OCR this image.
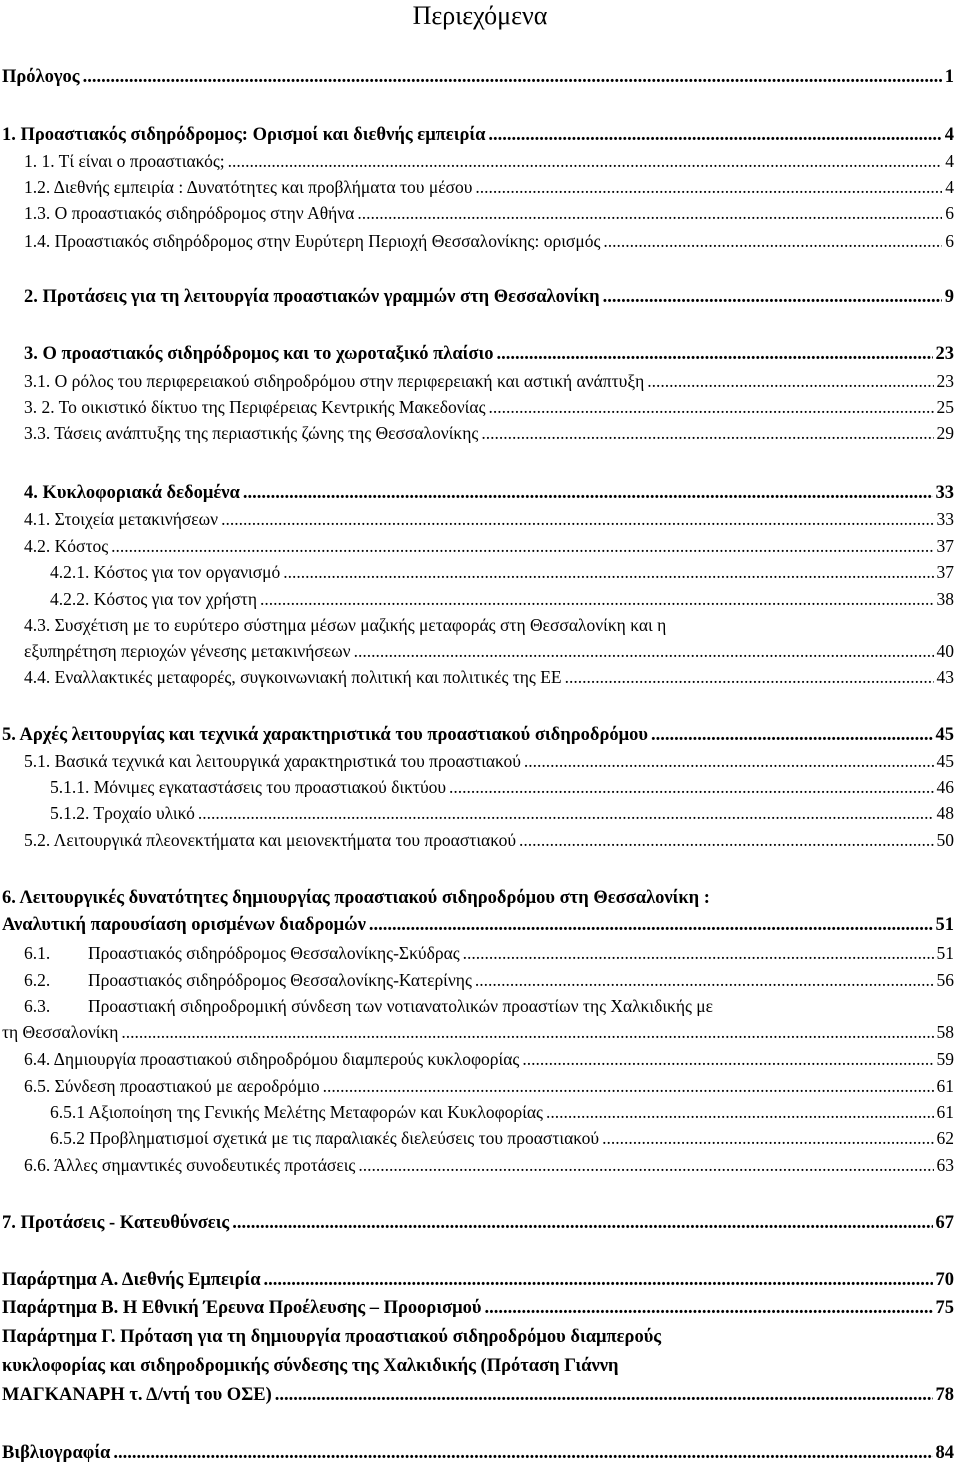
Περιεχόμενα
Πρόλογος .....	1
1. Προαστιακός σιδηρόδρομος: Ορισμοί και διεθνής εμπειρία .....	4
1. 1. Τί είναι ο προαστιακός; .....	4
1.2. Διεθνής εμπειρία : Δυνατότητες και προβλήματα του μέσου .....	4
1.3. Ο προαστιακός σιδηρόδρομος στην Αθήνα .....	6
1.4. Προαστιακός σιδηρόδρομος στην Ευρύτερη Περιοχή Θεσσαλονίκης: ορισμός .....	6
2. Προτάσεις για τη λειτουργία προαστιακών γραμμών στη Θεσσαλονίκη .....	9
3. Ο προαστιακός σιδηρόδρομος και το χωροταξικό πλαίσιο .....	23
3.1. Ο ρόλος του περιφερειακού σιδηροδρόμου στην περιφερειακή και αστική ανάπτυξη .....	23
3. 2. Το οικιστικό δίκτυο της Περιφέρειας Κεντρικής Μακεδονίας .....	25
3.3. Τάσεις ανάπτυξης της περιαστικής ζώνης της Θεσσαλονίκης .....	29
4. Κυκλοφοριακά δεδομένα .....	33
4.1. Στοιχεία μετακινήσεων .....	33
4.2. Κόστος .....	37
4.2.1. Κόστος για τον οργανισμό .....	37
4.2.2. Κόστος για τον χρήστη .....	38
4.3. Συσχέτιση με το ευρύτερο σύστημα μέσων μαζικής μεταφοράς στη Θεσσαλονίκη και η
εξυπηρέτηση περιοχών γένεσης μετακινήσεων .....	40
4.4. Εναλλακτικές μεταφορές, συγκοινωνιακή πολιτική και πολιτικές της ΕΕ .....	43
5. Αρχές λειτουργίας και τεχνικά χαρακτηριστικά του προαστιακού σιδηροδρόμου .....	45
5.1. Βασικά τεχνικά και λειτουργικά χαρακτηριστικά του προαστιακού .....	45
5.1.1. Μόνιμες εγκαταστάσεις του προαστιακού δικτύου .....	46
5.1.2. Τροχαίο υλικό .....	48
5.2. Λειτουργικά πλεονεκτήματα και μειονεκτήματα του προαστιακού .....	50
6. Λειτουργικές δυνατότητες δημιουργίας προαστιακού σιδηροδρόμου στη Θεσσαλονίκη :
Αναλυτική παρουσίαση ορισμένων διαδρομών .....	51
6.1. Προαστιακός σιδηρόδρομος Θεσσαλονίκης-Σκύδρας .....	51
6.2. Προαστιακός σιδηρόδρομος Θεσσαλονίκης-Κατερίνης .....	56
6.3. Προαστιακή σιδηροδρομική σύνδεση των νοτιανατολικών προαστίων της Χαλκιδικής με
τη Θεσσαλονίκη .....	58
6.4. Δημιουργία προαστιακού σιδηροδρόμου διαμπερούς κυκλοφορίας .....	59
6.5. Σύνδεση προαστιακού με αεροδρόμιο .....	61
6.5.1 Αξιοποίηση της Γενικής Μελέτης Μεταφορών και Κυκλοφορίας .....	61
6.5.2 Προβληματισμοί σχετικά με τις παραλιακές διελεύσεις του προαστιακού .....	62
6.6. Άλλες σημαντικές συνοδευτικές προτάσεις .....	63
7. Προτάσεις - Κατευθύνσεις .....	67
Παράρτημα Α. Διεθνής Εμπειρία .....	70
Παράρτημα Β. Η Εθνική Έρευνα Προέλευσης – Προορισμού .....	75
Παράρτημα Γ. Πρόταση για τη δημιουργία προαστιακού σιδηροδρόμου διαμπερούς
κυκλοφορίας και σιδηροδρομικής σύνδεσης της Χαλκιδικής (Πρόταση Γιάννη
ΜΑΓΚΑΝΑΡΗ τ. Δ/ντή του ΟΣΕ) .....	78
Βιβλιογραφία .....	84
